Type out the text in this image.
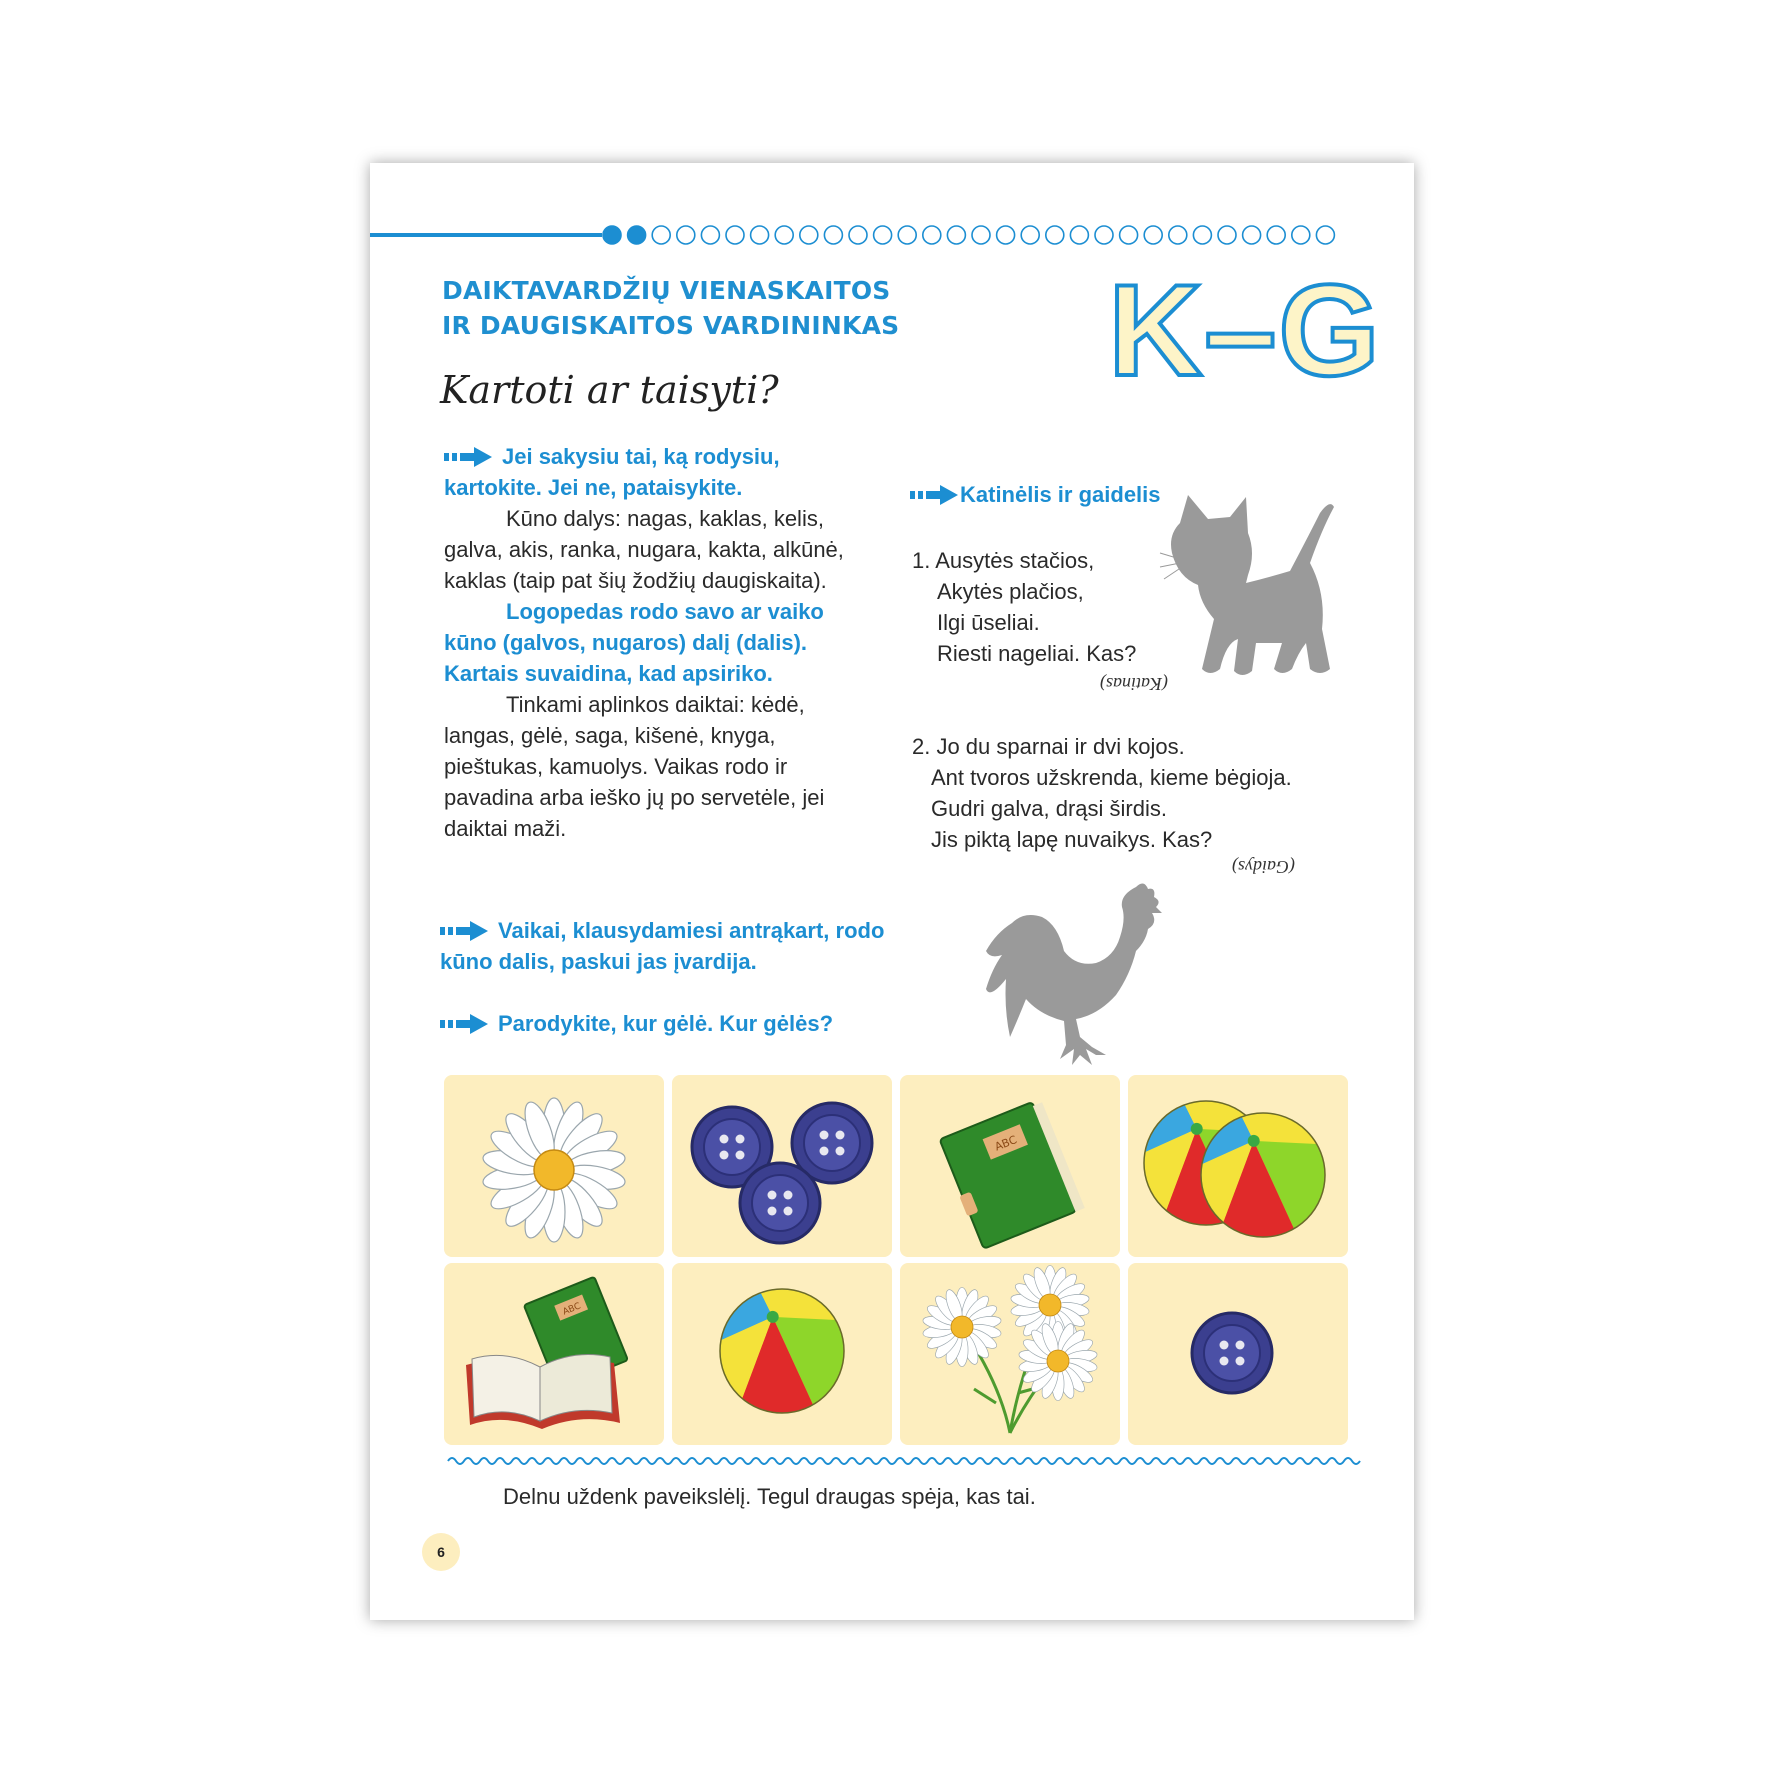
DAIKTAVARDŽIŲ VIENASKAITOS
IR DAUGISKAITOS VARDININKAS
Kartoti ar taisyti?	K–G
Jei sakysiu tai, ką rodysiu, kartokite. Jei ne, pataisykite.
Kūno dalys: nagas, kaklas, kelis, galva, akis, ranka, nugara, kakta, alkūnė, kaklas (taip pat šių žodžių daugiskaita).
Logopedas rodo savo ar vaiko kūno (galvos, nugaros) dalį (dalis). Kartais suvaidina, kad apsiriko.
Tinkami aplinkos daiktai: kėdė, langas, gėlė, saga, kišenė, knyga, pieštukas, kamuolys. Vaikas rodo ir pavadina arba ieško jų po servetėle, jei daiktai maži.
Vaikai, klausydamiesi antrąkart, rodo kūno dalis, paskui jas įvardija.
Parodykite, kur gėlė. Kur gėlės?
Katinėlis ir gaidelis
1. Ausytės stačios,
Akytės plačios,
Ilgi ūseliai.
Riesti nageliai. Kas?
(Katinas)
2. Jo du sparnai ir dvi kojos.
Ant tvoros užskrenda, kieme bėgioja.
Gudri galva, drąsi širdis.
Jis piktą lapę nuvaikys. Kas?
(Gaidys)
ABC
ABC
Delnu uždenk paveikslėlį. Tegul draugas spėja, kas tai.
6
